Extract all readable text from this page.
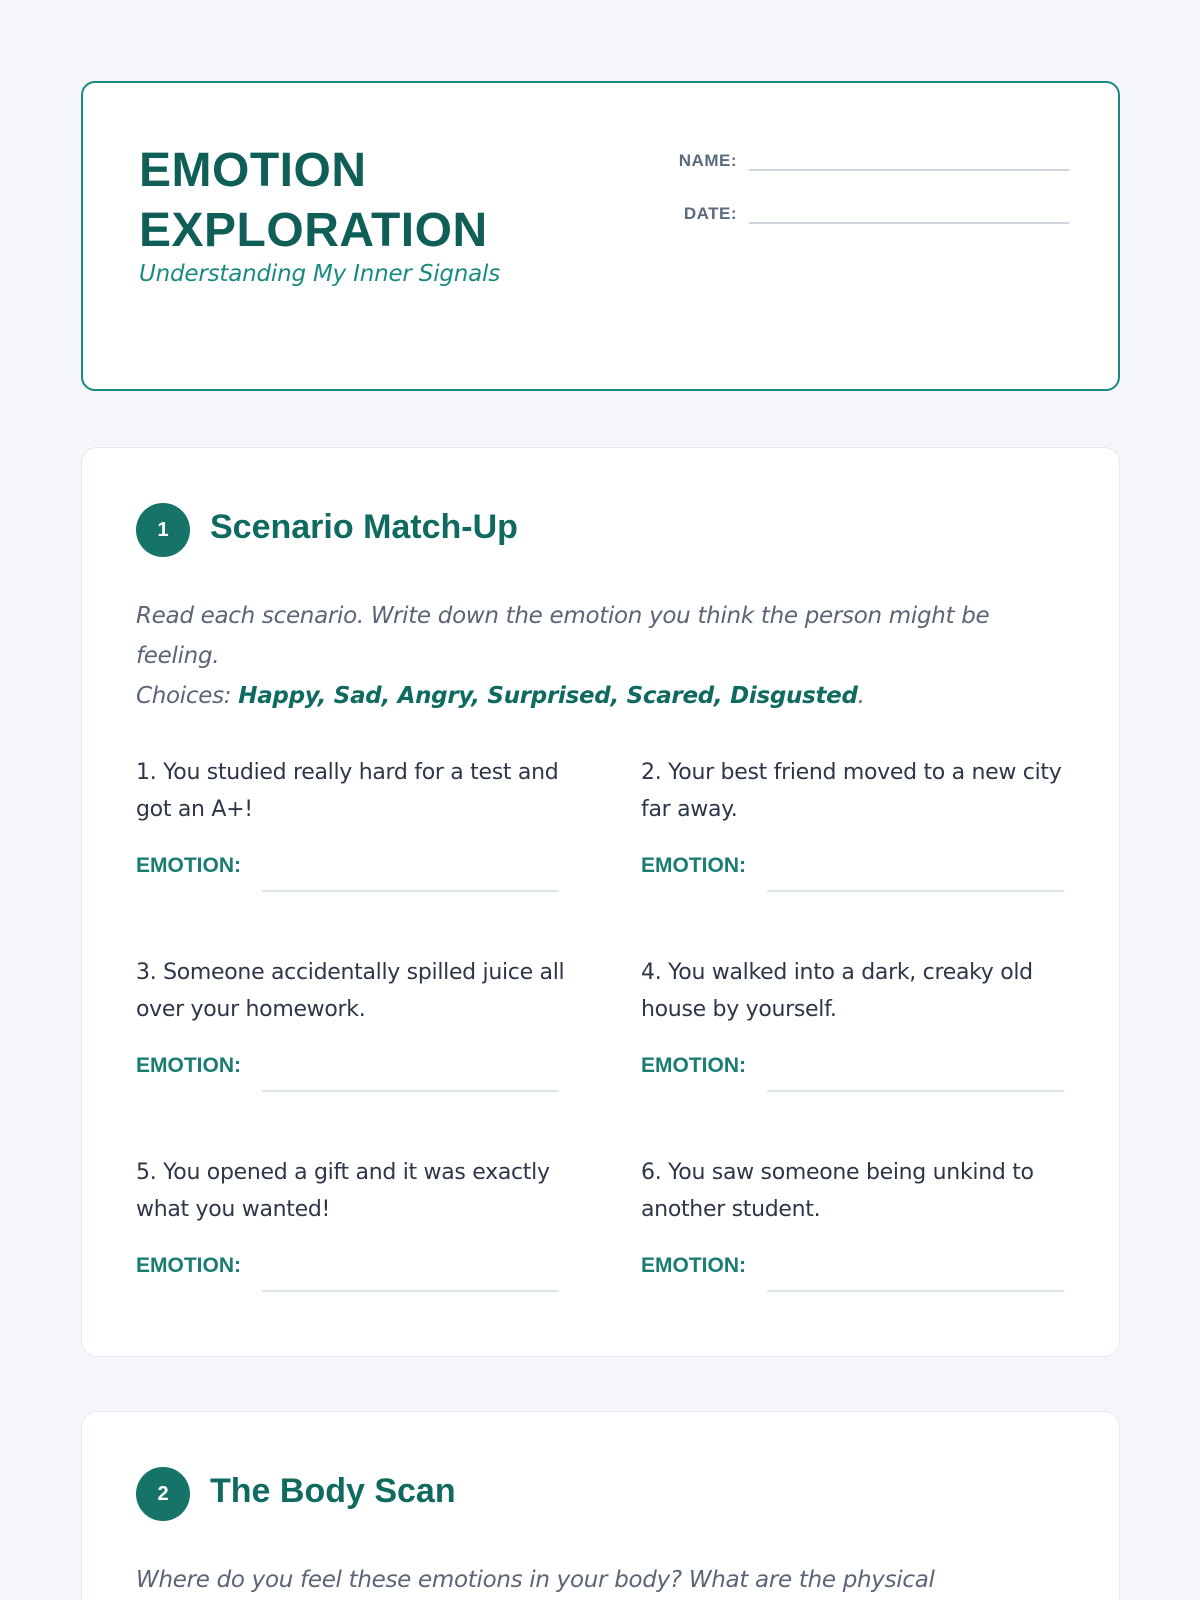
EMOTION
EXPLORATION
Understanding My Inner Signals
NAME:
DATE:
1	Scenario Match-Up
Read each scenario. Write down the emotion you think the person might be feeling.
Choices: Happy, Sad, Angry, Surprised, Scared, Disgusted.
1. You studied really hard for a test and got an A+!
EMOTION:
2. Your best friend moved to a new city far away.
EMOTION:
3. Someone accidentally spilled juice all over your homework.
EMOTION:
4. You walked into a dark, creaky old house by yourself.
EMOTION:
5. You opened a gift and it was exactly what you wanted!
EMOTION:
6. You saw someone being unkind to another student.
EMOTION:
2	The Body Scan
Where do you feel these emotions in your body? What are the physical
